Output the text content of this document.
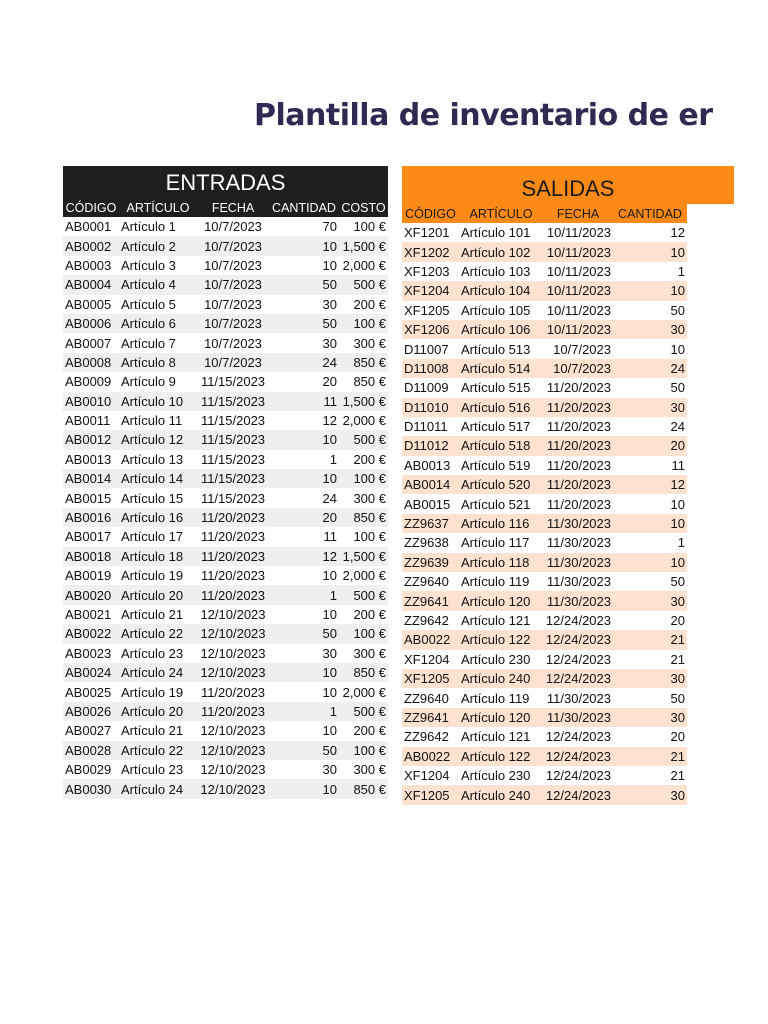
Plantilla de inventario de er
ENTRADAS
CÓDIGO	ARTÍCULO	FECHA	CANTIDAD	COSTO
AB0001	Artículo 1	10/7/2023	70	100 €
AB0002	Artículo 2	10/7/2023	10	1,500 €
AB0003	Artículo 3	10/7/2023	10	2,000 €
AB0004	Artículo 4	10/7/2023	50	500 €
AB0005	Artículo 5	10/7/2023	30	200 €
AB0006	Artículo 6	10/7/2023	50	100 €
AB0007	Artículo 7	10/7/2023	30	300 €
AB0008	Artículo 8	10/7/2023	24	850 €
AB0009	Artículo 9	11/15/2023	20	850 €
AB0010	Artículo 10	11/15/2023	11	1,500 €
AB0011	Artículo 11	11/15/2023	12	2,000 €
AB0012	Artículo 12	11/15/2023	10	500 €
AB0013	Artículo 13	11/15/2023	1	200 €
AB0014	Artículo 14	11/15/2023	10	100 €
AB0015	Artículo 15	11/15/2023	24	300 €
AB0016	Artículo 16	11/20/2023	20	850 €
AB0017	Artículo 17	11/20/2023	11	100 €
AB0018	Artículo 18	11/20/2023	12	1,500 €
AB0019	Artículo 19	11/20/2023	10	2,000 €
AB0020	Artículo 20	11/20/2023	1	500 €
AB0021	Artículo 21	12/10/2023	10	200 €
AB0022	Artículo 22	12/10/2023	50	100 €
AB0023	Artículo 23	12/10/2023	30	300 €
AB0024	Artículo 24	12/10/2023	10	850 €
AB0025	Artículo 19	11/20/2023	10	2,000 €
AB0026	Artículo 20	11/20/2023	1	500 €
AB0027	Artículo 21	12/10/2023	10	200 €
AB0028	Artículo 22	12/10/2023	50	100 €
AB0029	Artículo 23	12/10/2023	30	300 €
AB0030	Artículo 24	12/10/2023	10	850 €
SALIDAS
CÓDIGO	ARTÍCULO	FECHA	CANTIDAD
XF1201	Artículo 101	10/11/2023	12
XF1202	Artículo 102	10/11/2023	10
XF1203	Artículo 103	10/11/2023	1
XF1204	Artículo 104	10/11/2023	10
XF1205	Artículo 105	10/11/2023	50
XF1206	Artículo 106	10/11/2023	30
D11007	Artículo 513	10/7/2023	10
D11008	Artículo 514	10/7/2023	24
D11009	Artículo 515	11/20/2023	50
D11010	Artículo 516	11/20/2023	30
D11011	Artículo 517	11/20/2023	24
D11012	Artículo 518	11/20/2023	20
AB0013	Artículo 519	11/20/2023	11
AB0014	Artículo 520	11/20/2023	12
AB0015	Artículo 521	11/20/2023	10
ZZ9637	Artículo 116	11/30/2023	10
ZZ9638	Artículo 117	11/30/2023	1
ZZ9639	Artículo 118	11/30/2023	10
ZZ9640	Artículo 119	11/30/2023	50
ZZ9641	Artículo 120	11/30/2023	30
ZZ9642	Artículo 121	12/24/2023	20
AB0022	Artículo 122	12/24/2023	21
XF1204	Artículo 230	12/24/2023	21
XF1205	Artículo 240	12/24/2023	30
ZZ9640	Artículo 119	11/30/2023	50
ZZ9641	Artículo 120	11/30/2023	30
ZZ9642	Artículo 121	12/24/2023	20
AB0022	Artículo 122	12/24/2023	21
XF1204	Artículo 230	12/24/2023	21
XF1205	Artículo 240	12/24/2023	30
